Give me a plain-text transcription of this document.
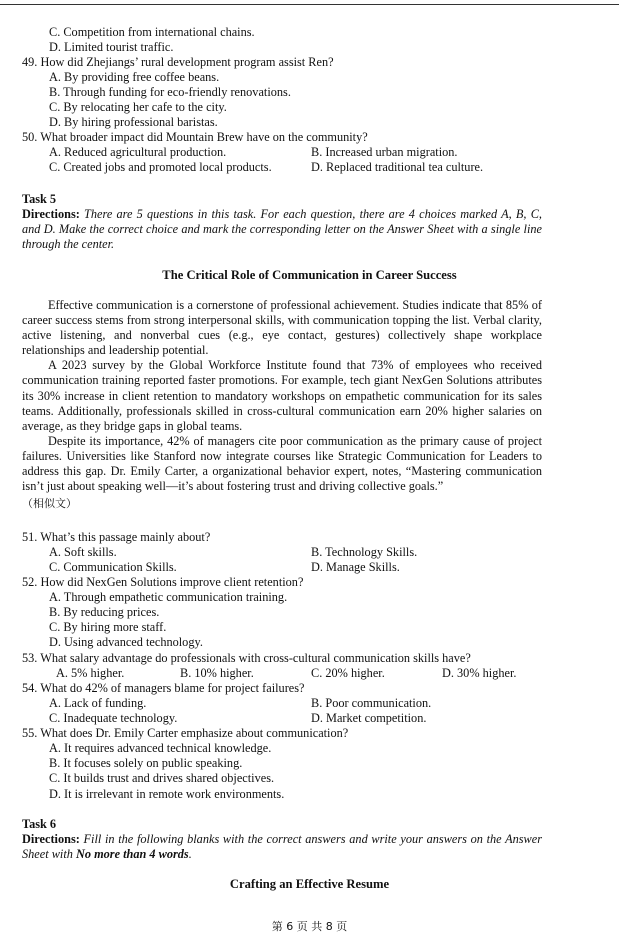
C. Competition from international chains.
D. Limited tourist traffic.
49. How did Zhejiangs’ rural development program assist Ren?
A. By providing free coffee beans.
B. Through funding for eco-friendly renovations.
C. By relocating her cafe to the city.
D. By hiring professional baristas.
50. What broader impact did Mountain Brew have on the community?
A. Reduced agricultural production.	B. Increased urban migration.
C. Created jobs and promoted local products.	D. Replaced traditional tea culture.
Task 5
Directions: There are 5 questions in this task. For each question, there are 4 choices marked A, B, C, and D. Make the correct choice and mark the corresponding letter on the Answer Sheet with a single line through the center.
The Critical Role of Communication in Career Success

Effective communication is a cornerstone of professional achievement. Studies indicate that 85% of career success stems from strong interpersonal skills, with communication topping the list. Verbal clarity, active listening, and nonverbal cues (e.g., eye contact, gestures) collectively shape workplace relationships and leadership potential.

A 2023 survey by the Global Workforce Institute found that 73% of employees who received communication training reported faster promotions. For example, tech giant NexGen Solutions attributes its 30% increase in client retention to mandatory workshops on empathetic communication for its sales teams. Additionally, professionals skilled in cross-cultural communication earn 20% higher salaries on average, as they bridge gaps in global teams.

Despite its importance, 42% of managers cite poor communication as the primary cause of project failures. Universities like Stanford now integrate courses like Strategic Communication for Leaders to address this gap. Dr. Emily Carter, a organizational behavior expert, notes, “Mastering communication isn’t just about speaking well—it’s about fostering trust and driving collective goals.”

（相似文）
51. What’s this passage mainly about?
A. Soft skills.	B. Technology Skills.
C. Communication Skills.	D. Manage Skills.
52. How did NexGen Solutions improve client retention?
A. Through empathetic communication training.
B. By reducing prices.
C. By hiring more staff.
D. Using advanced technology.
53. What salary advantage do professionals with cross-cultural communication skills have?
A. 5% higher.	B. 10% higher.	C. 20% higher.	D. 30% higher.
54. What do 42% of managers blame for project failures?
A. Lack of funding.	B. Poor communication.
C. Inadequate technology.	D. Market competition.
55. What does Dr. Emily Carter emphasize about communication?
A. It requires advanced technical knowledge.
B. It focuses solely on public speaking.
C. It builds trust and drives shared objectives.
D. It is irrelevant in remote work environments.
Task 6
Directions: Fill in the following blanks with the correct answers and write your answers on the Answer Sheet with No more than 4 words.
Crafting an Effective Resume
第 6 页 共 8 页
